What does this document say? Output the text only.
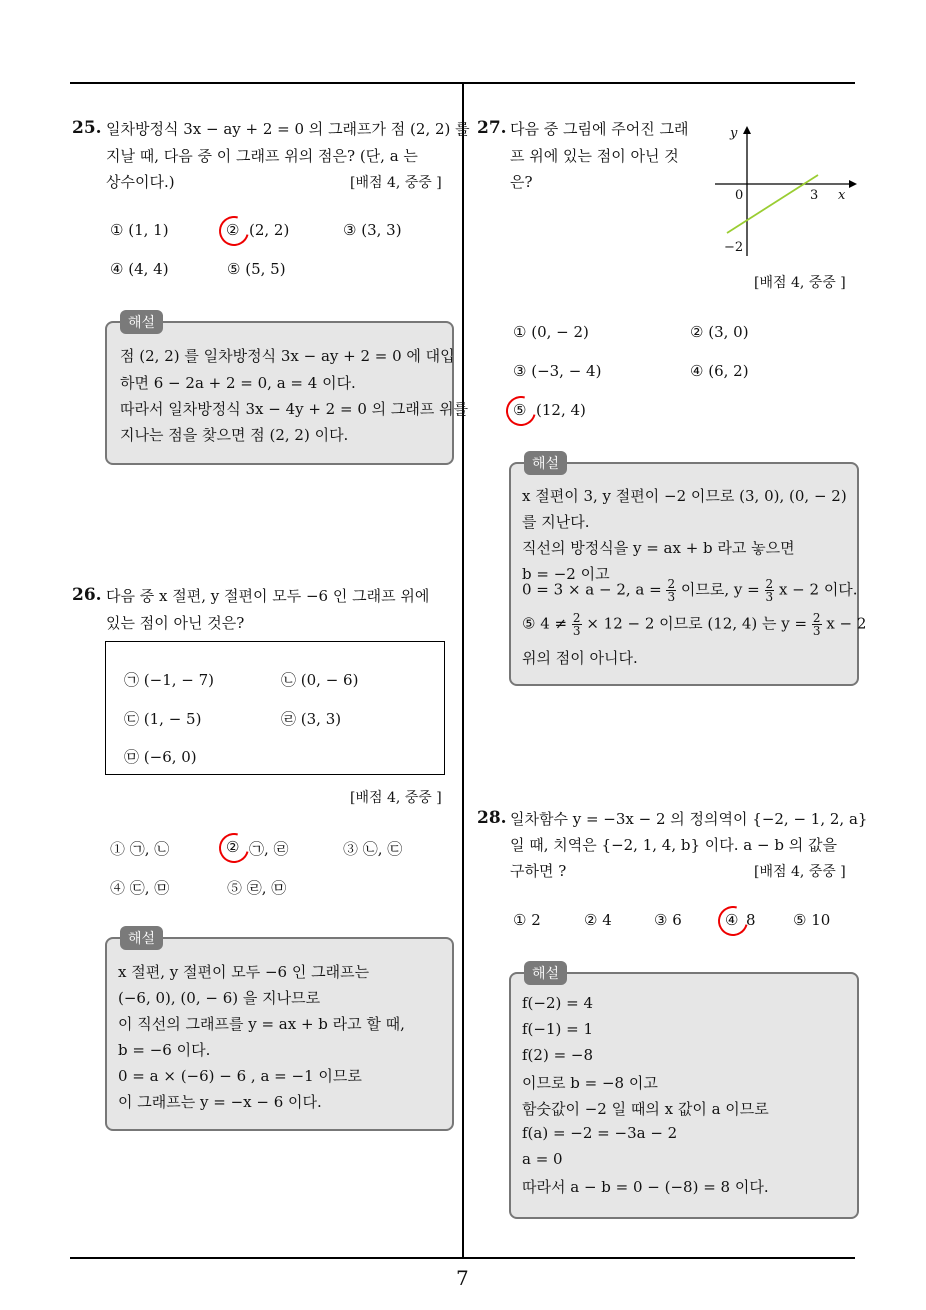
7
25. 일차방정식 3x − ay + 2 = 0 의 그래프가 점 (2, 2) 를
지날 때, 다음 중 이 그래프 위의 점은? (단, a 는
상수이다.)	[배점 4, 중중 ]
① (1, 1)	② (2, 2)	③ (3, 3)
④ (4, 4)	⑤ (5, 5)
해설
점 (2, 2) 를 일차방정식 3x − ay + 2 = 0 에 대입
하면 6 − 2a + 2 = 0, a = 4 이다.
따라서 일차방정식 3x − 4y + 2 = 0 의 그래프 위를
지나는 점을 찾으면 점 (2, 2) 이다.
26. 다음 중 x 절편, y 절편이 모두 −6 인 그래프 위에
있는 점이 아닌 것은?
㉠ (−1, − 7)	㉡ (0, − 6)
㉢ (1, − 5)	㉣ (3, 3)
㉤ (−6, 0)
[배점 4, 중중 ]
① ㉠, ㉡	② ㉠, ㉣	③ ㉡, ㉢
④ ㉢, ㉤	⑤ ㉣, ㉤
해설
x 절편, y 절편이 모두 −6 인 그래프는
(−6, 0), (0, − 6) 을 지나므로
이 직선의 그래프를 y = ax + b 라고 할 때,
b = −6 이다.
0 = a × (−6) − 6 , a = −1 이므로
이 그래프는 y = −x − 6 이다.
27. 다음 중 그림에 주어진 그래
프 위에 있는 점이 아닌 것
은?
y
0	3 x
−2
[배점 4, 중중 ]
① (0, − 2)	② (3, 0)
③ (−3, − 4)	④ (6, 2)
⑤ (12, 4)
해설
x 절편이 3, y 절편이 −2 이므로 (3, 0), (0, − 2)
를 지난다.
직선의 방정식을 y = ax + b 라고 놓으면
b = −2 이고
0 = 3 × a − 2, $a = \frac{2}{3}$ 이므로, $y = \frac{2}{3}$ x − 2 이다.
⑤ $4 \ne \frac{2}{3} \times 12 - 2$ 이므로 (12, 4) 는 $y = \frac{2}{3}$ x − 2
위의 점이 아니다.
28. 일차함수 y = −3x − 2 의 정의역이 {−2, − 1, 2, a}
일 때, 치역은 {−2, 1, 4, b} 이다. a − b 의 값을
구하면 ?	[배점 4, 중중 ]
① 2	② 4	③ 6	④ 8 ⑤ 10
해설
f(−2) = 4
f(−1) = 1
f(2) = −8
이므로 b = −8 이고
함숫값이 −2 일 때의 x 값이 a 이므로
f(a) = −2 = −3a − 2
a = 0
따라서 a − b = 0 − (−8) = 8 이다.
